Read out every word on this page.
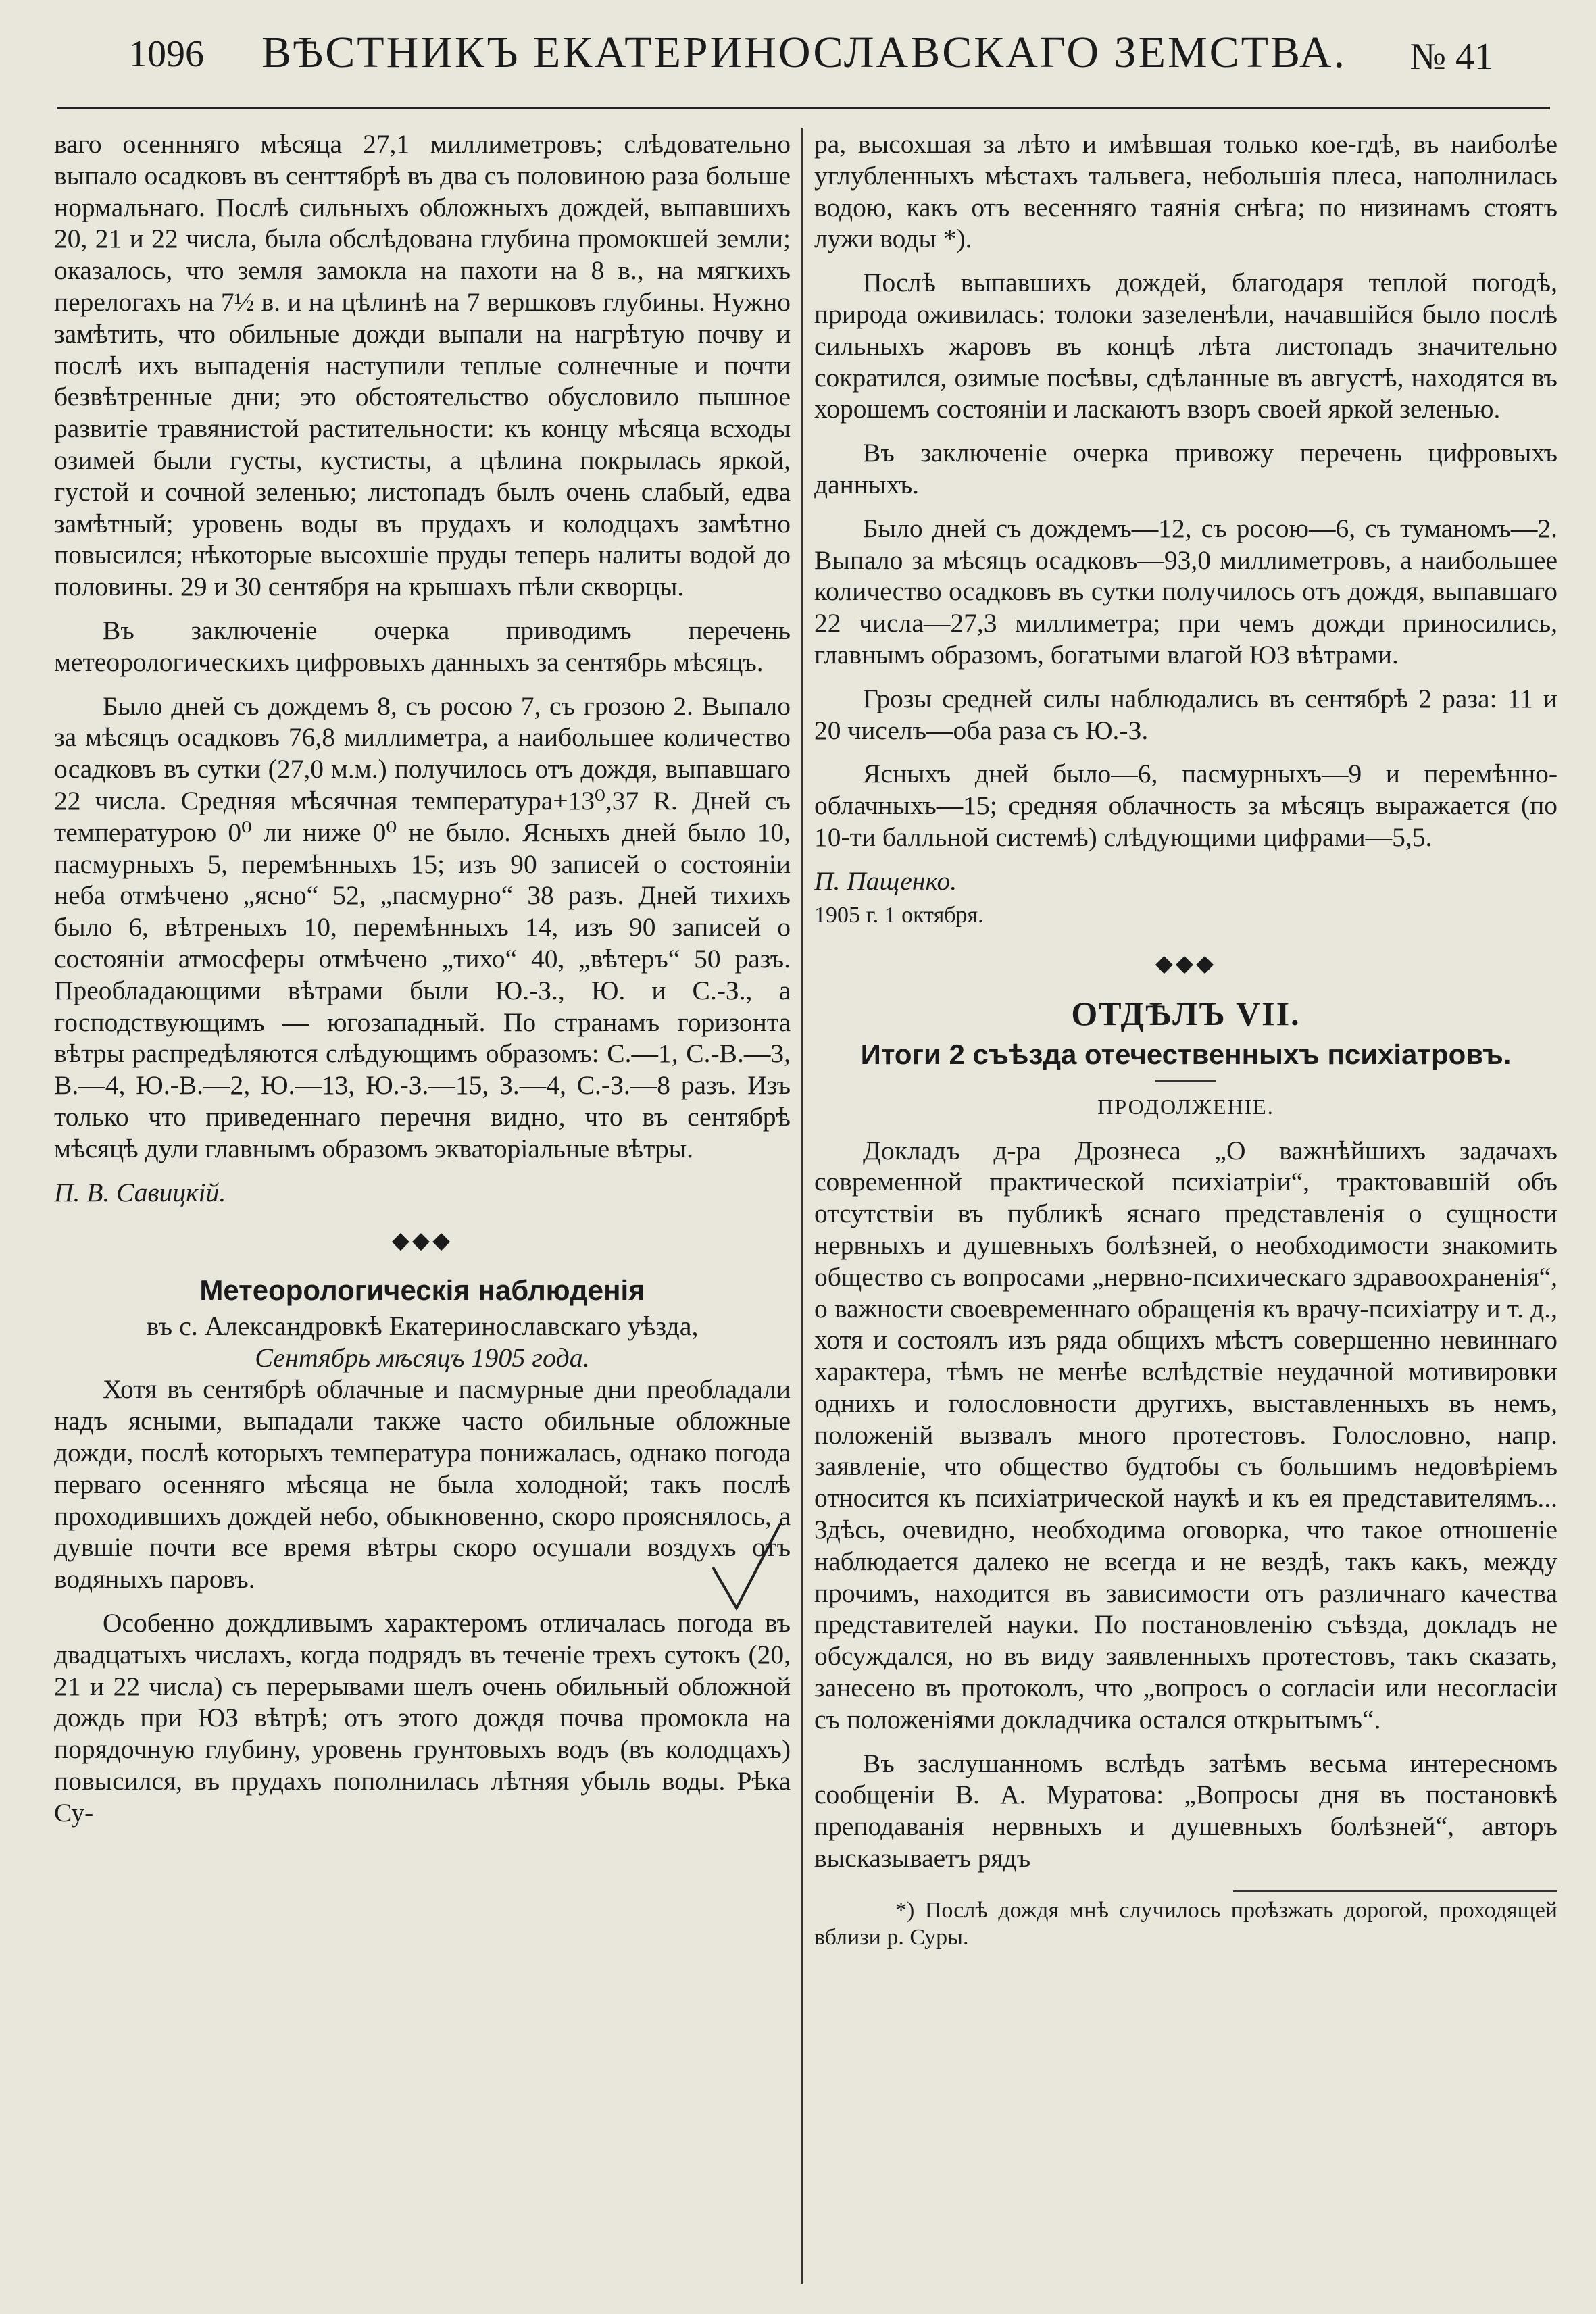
1096	ВѢСТНИКЪ ЕКАТЕРИНОСЛАВСКАГО ЗЕМСТВА.	№ 41

ваго осеннняго мѣсяца 27,1 миллиметровъ; слѣдовательно выпало осадковъ въ сенттябрѣ въ два съ половиною раза больше нормальнаго. Послѣ сильныхъ обложныхъ дождей, выпавшихъ 20, 21 и 22 числа, была обслѣдована глубина промокшей земли; оказалось, что земля замокла на пахоти на 8 в., на мягкихъ перелогахъ на 7½ в. и на цѣлинѣ на 7 вершковъ глубины. Нужно замѣтить, что обильные дожди выпали на нагрѣтую почву и послѣ ихъ выпаденія наступили теплые солнечные и почти безвѣтренные дни; это обстоятельство обусловило пышное развитіе травянистой растительности: къ концу мѣсяца всходы озимей были густы, кустисты, а цѣлина покрылась яркой, густой и сочной зеленью; листопадъ былъ очень слабый, едва замѣтный; уровень воды въ прудахъ и колодцахъ замѣтно повысился; нѣкоторые высохшіе пруды теперь налиты водой до половины. 29 и 30 сентября на крышахъ пѣли скворцы.

Въ заключеніе очерка приводимъ перечень метеорологическихъ цифровыхъ данныхъ за сентябрь мѣсяцъ.

Было дней съ дождемъ 8, съ росою 7, съ грозою 2. Выпало за мѣсяцъ осадковъ 76,8 миллиметра, а наибольшее количество осадковъ въ сутки (27,0 м.м.) получилось отъ дождя, выпавшаго 22 числа. Средняя мѣсячная температура+13⁰,37 R. Дней съ температурою 0⁰ ли ниже 0⁰ не было. Ясныхъ дней было 10, пасмурныхъ 5, перемѣнныхъ 15; изъ 90 записей о состояніи неба отмѣчено „ясно“ 52, „пасмурно“ 38 разъ. Дней тихихъ было 6, вѣтреныхъ 10, перемѣнныхъ 14, изъ 90 записей о состояніи атмосферы отмѣчено „тихо“ 40, „вѣтеръ“ 50 разъ. Преобладающими вѣтрами были Ю.-З., Ю. и С.-З., а господствующимъ — югозападный. По странамъ горизонта вѣтры распредѣляются слѣдующимъ образомъ: С.—1, С.-В.—3, В.—4, Ю.-В.—2, Ю.—13, Ю.-З.—15, З.—4, С.-З.—8 разъ. Изъ только что приведеннаго перечня видно, что въ сентябрѣ мѣсяцѣ дули главнымъ образомъ экваторіальные вѣтры.

П. В. Савицкій.

◆◆◆
Метеорологическія наблюденія
въ с. Александровкѣ Екатеринославскаго уѣзда,
Сентябрь мѣсяцъ 1905 года.

Хотя въ сентябрѣ облачные и пасмурные дни преобладали надъ ясными, выпадали также часто обильные обложные дожди, послѣ которыхъ температура понижалась, однако погода перваго осенняго мѣсяца не была холодной; такъ послѣ проходившихъ дождей небо, обыкновенно, скоро прояснялось, а дувшіе почти все время вѣтры скоро осушали воздухъ отъ водяныхъ паровъ.

Особенно дождливымъ характеромъ отличалась погода въ двадцатыхъ числахъ, когда подрядъ въ теченіе трехъ сутокъ (20, 21 и 22 числа) съ перерывами шелъ очень обильный обложной дождь при ЮЗ вѣтрѣ; отъ этого дождя почва промокла на порядочную глубину, уровень грунтовыхъ водъ (въ колодцахъ) повысился, въ прудахъ пополнилась лѣтняя убыль воды. Рѣка Су-

ра, высохшая за лѣто и имѣвшая только кое-гдѣ, въ наиболѣе углубленныхъ мѣстахъ тальвега, небольшія плеса, наполнилась водою, какъ отъ весенняго таянія снѣга; по низинамъ стоятъ лужи воды *).

Послѣ выпавшихъ дождей, благодаря теплой погодѣ, природа оживилась: толоки зазеленѣли, начавшійся было послѣ сильныхъ жаровъ въ концѣ лѣта листопадъ значительно сократился, озимые посѣвы, сдѣланные въ августѣ, находятся въ хорошемъ состояніи и ласкаютъ взоръ своей яркой зеленью.

Въ заключеніе очерка привожу перечень цифровыхъ данныхъ.

Было дней съ дождемъ—12, съ росою—6, съ туманомъ—2. Выпало за мѣсяцъ осадковъ—93,0 миллиметровъ, а наибольшее количество осадковъ въ сутки получилось отъ дождя, выпавшаго 22 числа—27,3 миллиметра; при чемъ дожди приносились, главнымъ образомъ, богатыми влагой ЮЗ вѣтрами.

Грозы средней силы наблюдались въ сентябрѣ 2 раза: 11 и 20 чиселъ—оба раза съ Ю.-З.

Ясныхъ дней было—6, пасмурныхъ—9 и перемѣнно-облачныхъ—15; средняя облачность за мѣсяцъ выражается (по 10-ти балльной системѣ) слѣдующими цифрами—5,5.

П. Пащенко.

1905 г. 1 октября.
◆◆◆
ОТДѢЛЪ VII.
Итоги 2 съѣзда отечественныхъ психіатровъ.
ПРОДОЛЖЕНІЕ.

Докладъ д-ра Дрознеса „О важнѣйшихъ задачахъ современной практической психіатріи“, трактовавшій объ отсутствіи въ публикѣ яснаго представленія о сущности нервныхъ и душевныхъ болѣзней, о необходимости знакомить общество съ вопросами „нервно-психическаго здравоохраненія“, о важности своевременнаго обращенія къ врачу-психіатру и т. д., хотя и состоялъ изъ ряда общихъ мѣстъ совершенно невиннаго характера, тѣмъ не менѣе вслѣдствіе неудачной мотивировки однихъ и голословности другихъ, выставленныхъ въ немъ, положеній вызвалъ много протестовъ. Голословно, напр. заявленіе, что общество будтобы съ большимъ недовѣріемъ относится къ психіатрической наукѣ и къ ея представителямъ... Здѣсь, очевидно, необходима оговорка, что такое отношеніе наблюдается далеко не всегда и не вездѣ, такъ какъ, между прочимъ, находится въ зависимости отъ различнаго качества представителей науки. По постановленію съѣзда, докладъ не обсуждался, но въ виду заявленныхъ протестовъ, такъ сказать, занесено въ протоколъ, что „вопросъ о согласіи или несогласіи съ положеніями докладчика остался открытымъ“.

Въ заслушанномъ вслѣдъ затѣмъ весьма интересномъ сообщеніи В. А. Муратова: „Вопросы дня въ постановкѣ преподаванія нервныхъ и душевныхъ болѣзней“, авторъ высказываетъ рядъ

*) Послѣ дождя мнѣ случилось проѣзжать дорогой, проходящей вблизи р. Суры.
